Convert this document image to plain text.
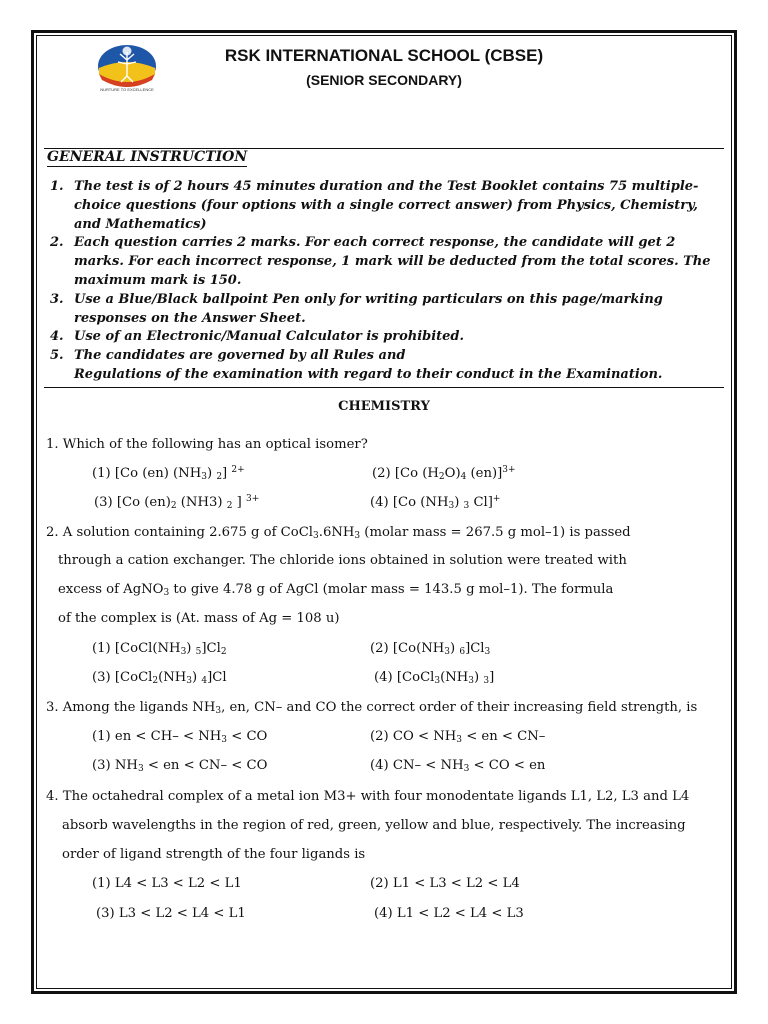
NURTURE TO EXCELLENCE
RSK INTERNATIONAL SCHOOL (CBSE)
(SENIOR SECONDARY)
GENERAL INSTRUCTION
1. The test is of 2 hours 45 minutes duration and the Test Booklet contains 75 multiple-choice questions (four options with a single correct answer) from Physics, Chemistry, and Mathematics)
2. Each question carries 2 marks. For each correct response, the candidate will get 2 marks. For each incorrect response, 1 mark will be deducted from the total scores. The maximum mark is 150.
3. Use a Blue/Black ballpoint Pen only for writing particulars on this page/marking responses on the Answer Sheet.
4. Use of an Electronic/Manual Calculator is prohibited.
5. The candidates are governed by all Rules and
Regulations of the examination with regard to their conduct in the Examination.
CHEMISTRY
1. Which of the following has an optical isomer?
(1) [Co (en) $(NH_3)$ $_2$] $^{2+}$	(2) [Co $(H_2O)_4$ (en)]$^{3+}$
(3) [Co $(en)_2$ (NH3) $_2$ ] $^{3+}$	(4) [Co $(NH_3)$ $_3$ Cl]+
2. A solution containing 2.675 g of $CoCl_3.6NH_3$ (molar mass = 267.5 g mol–1) is passed
through a cation exchanger. The chloride ions obtained in solution were treated with
excess of AgNO$_3$ to give 4.78 g of AgCl (molar mass = 143.5 g mol–1). The formula
of the complex is (At. mass of Ag = 108 u)
(1) [$CoCl(NH_3)$ $_5]Cl_2$	(2) [$Co(NH_3)$ $_6]Cl_3$
(3) [$CoCl_2(NH_3)$ $_4$]Cl	(4) [$CoCl_3(NH_3)$ $_3$]
3. Among the ligands $NH_3$, en, CN– and CO the correct order of their increasing field strength, is
(1) en < $CH- < NH_3$ < CO	(2) CO < $NH_3$ < en < CN–
(3) $NH_3$ < en < CN– < CO	(4) $CN- < NH_3$ < CO < en
4. The octahedral complex of a metal ion M3+ with four monodentate ligands L1, L2, L3 and L4
absorb wavelengths in the region of red, green, yellow and blue, respectively. The increasing
order of ligand strength of the four ligands is
(1) L4 < L3 < L2 < L1	(2) L1 < L3 < L2 < L4
(3) L3 < L2 < L4 < L1	(4) L1 < L2 < L4 < L3
